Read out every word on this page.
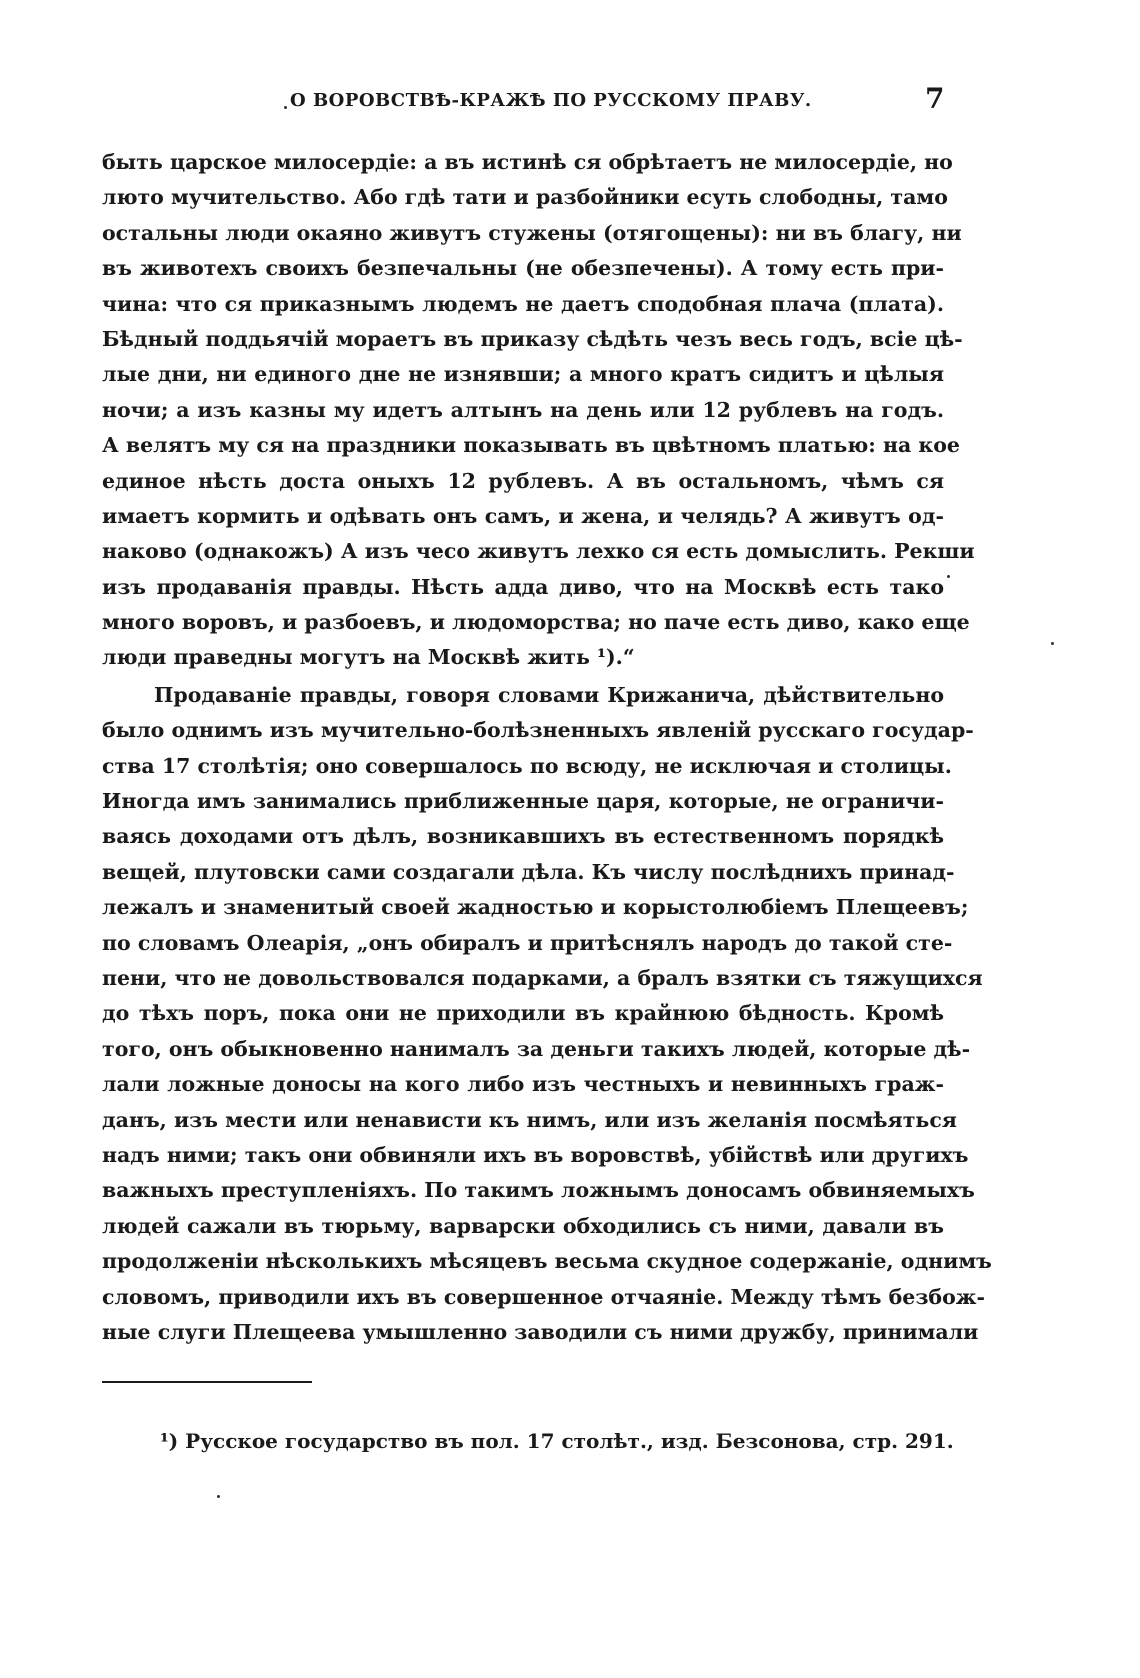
О ВОРОВСТВѢ-КРАЖѢ ПО РУССКОМУ ПРАВУ.	7
быть царское милосердіе: а въ истинѣ ся обрѣтаетъ не милосердіе, но
люто мучительство. Або гдѣ тати и разбойники есуть слободны, тамо
остальны люди окаяно живутъ стужены (отягощены): ни въ благу, ни
въ животехъ своихъ безпечальны (не обезпечены). А тому есть при-
чина: что ся приказнымъ людемъ не даетъ сподобная плача (плата).
Бѣдный поддьячій мораетъ въ приказу сѣдѣть чезъ весь годъ, всіе цѣ-
лые дни, ни единого дне не изнявши; а много кратъ сидитъ и цѣлыя
ночи; а изъ казны му идетъ алтынъ на день или 12 рублевъ на годъ.
А велятъ му ся на праздники показывать въ цвѣтномъ платью: на кое
единое нѣсть доста оныхъ 12 рублевъ. А въ остальномъ, чѣмъ ся
имаетъ кормить и одѣвать онъ самъ, и жена, и челядь? А живутъ од-
наково (однакожъ) А изъ чесо живутъ лехко ся есть домыслить. Рекши
изъ продаванія правды. Нѣсть адда диво, что на Москвѣ есть тако
много воровъ, и разбоевъ, и людоморства; но паче есть диво, како еще
люди праведны могутъ на Москвѣ жить ¹).“
Продаваніе правды, говоря словами Крижанича, дѣйствительно
было однимъ изъ мучительно-болѣзненныхъ явленій русскаго государ-
ства 17 столѣтія; оно совершалось по всюду, не исключая и столицы.
Иногда имъ занимались приближенные царя, которые, не ограничи-
ваясь доходами отъ дѣлъ, возникавшихъ въ естественномъ порядкѣ
вещей, плутовски сами создагали дѣла. Къ числу послѣднихъ принад-
лежалъ и знаменитый своей жадностью и корыстолюбіемъ Плещеевъ;
по словамъ Олеарія, „онъ обиралъ и притѣснялъ народъ до такой сте-
пени, что не довольствовался подарками, а бралъ взятки съ тяжущихся
до тѣхъ поръ, пока они не приходили въ крайнюю бѣдность. Кромѣ
того, онъ обыкновенно нанималъ за деньги такихъ людей, которые дѣ-
лали ложные доносы на кого либо изъ честныхъ и невинныхъ граж-
данъ, изъ мести или ненависти къ нимъ, или изъ желанія посмѣяться
надъ ними; такъ они обвиняли ихъ въ воровствѣ, убійствѣ или другихъ
важныхъ преступленіяхъ. По такимъ ложнымъ доносамъ обвиняемыхъ
людей сажали въ тюрьму, варварски обходились съ ними, давали въ
продолженіи нѣсколькихъ мѣсяцевъ весьма скудное содержаніе, однимъ
словомъ, приводили ихъ въ совершенное отчаяніе. Между тѣмъ безбож-
ные слуги Плещеева умышленно заводили съ ними дружбу, принимали
¹) Русское государство въ пол. 17 столѣт., изд. Безсонова, стр. 291.
